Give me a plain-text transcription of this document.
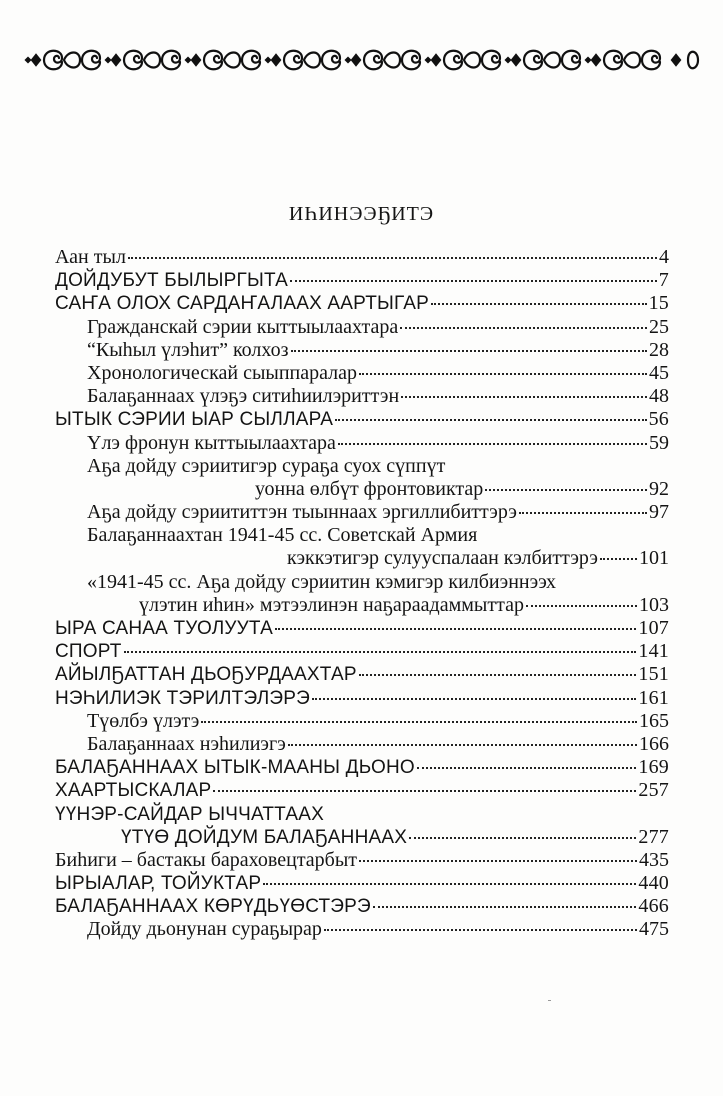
ИҺИНЭЭҔИТЭ
Аан тыл	4
ДОЙДУБУТ БЫЛЫРГЫТА	7
САҤА ОЛОХ САРДАҤАЛААХ ААРТЫГАР	15
Гражданскай сэрии кыттыылаахтара	25
“Кыһыл үлэһит” колхоз	28
Хронологическай сыыппаралар	45
Балаҕаннаах үлэҕэ ситиһиилэриттэн	48
ЫТЫК СЭРИИ ЫАР СЫЛЛАРА	56
Үлэ фронун кыттыылаахтара	59
Аҕа дойду сэриитигэр сураҕа суох сүппүт
уонна өлбүт фронтовиктар	92
Аҕа дойду сэриититтэн тыыннаах эргиллибиттэрэ	97
Балаҕаннаахтан 1941-45 сс. Советскай Армия
кэккэтигэр сулууспалаан кэлбиттэрэ 101
«1941-45 сс. Аҕа дойду сэриитин кэмигэр килбиэннээх
үлэтин иһин» мэтээлинэн наҕараадаммыттар	103
ЫРА САНАА ТУОЛУУТА	107
СПОРТ	141
АЙЫЛҔАТТАН ДЬОҔУРДААХТАР	151
НЭҺИЛИЭК ТЭРИЛТЭЛЭРЭ	161
Түөлбэ үлэтэ	165
Балаҕаннаах нэһилиэгэ	166
БАЛАҔАННААХ ЫТЫК-МААНЫ ДЬОНО	169
ХААРТЫСКАЛАР	257
ҮҮНЭР-САЙДАР ЫЧЧАТТААХ
ҮТҮӨ ДОЙДУМ БАЛАҔАННААХ	277
Биһиги – бастакы бараховецтарбыт	435
ЫРЫАЛАР, ТОЙУКТАР	440
БАЛАҔАННААХ КӨРҮДЬҮӨСТЭРЭ	466
Дойду дьонунан сураҕырар	475
